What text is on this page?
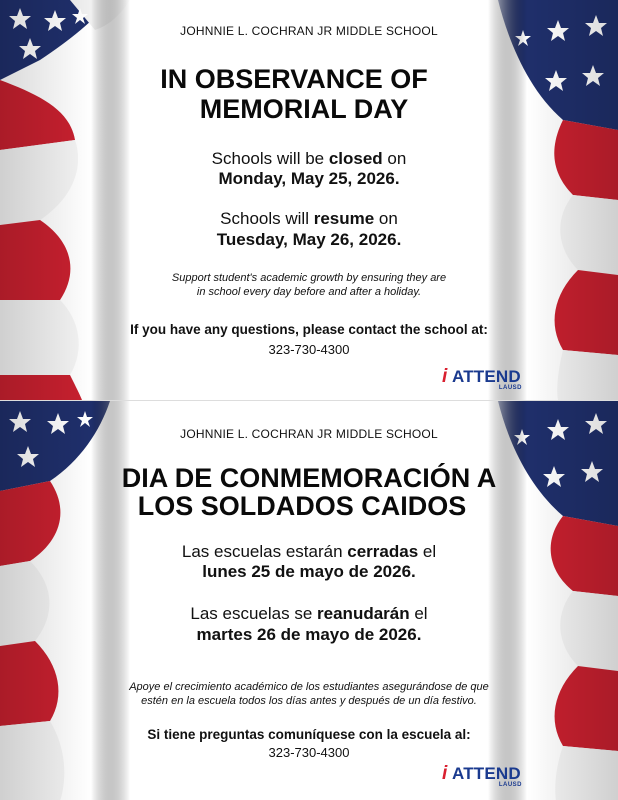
JOHNNIE L. COCHRAN JR MIDDLE SCHOOL
IN OBSERVANCE OF
MEMORIAL DAY
Schools will be closed on
Monday, May 25, 2026.
Schools will resume on
Tuesday, May 26, 2026.
Support student's academic growth by ensuring they are
in school every day before and after a holiday.
If you have any questions, please contact the school at:
323-730-4300
i ATTEND
LAUSD
JOHNNIE L. COCHRAN JR MIDDLE SCHOOL
DIA DE CONMEMORACIÓN A
LOS SOLDADOS CAIDOS
Las escuelas estarán cerradas el
lunes 25 de mayo de 2026.
Las escuelas se reanudarán el
martes 26 de mayo de 2026.
Apoye el crecimiento académico de los estudiantes asegurándose de que
estén en la escuela todos los días antes y después de un día festivo.
Si tiene preguntas comuníquese con la escuela al:
323-730-4300
i ATTEND
LAUSD
